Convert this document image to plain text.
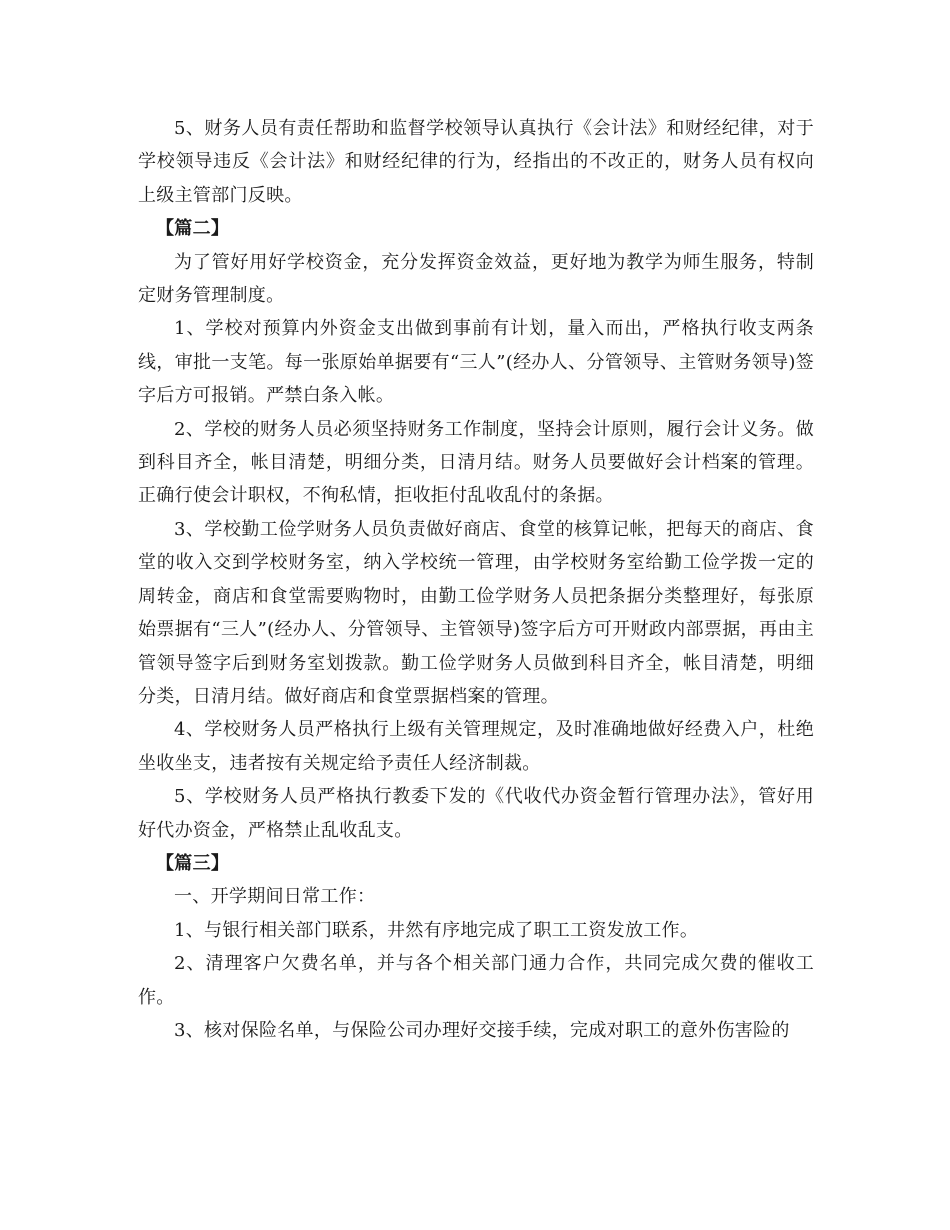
5、财务人员有责任帮助和监督学校领导认真执行《会计法》和财经纪律，对于学校领导违反《会计法》和财经纪律的行为，经指出的不改正的，财务人员有权向上级主管部门反映。

【篇二】

为了管好用好学校资金，充分发挥资金效益，更好地为教学为师生服务，特制定财务管理制度。

1、学校对预算内外资金支出做到事前有计划，量入而出，严格执行收支两条线，审批一支笔。每一张原始单据要有“三人”(经办人、分管领导、主管财务领导)签字后方可报销。严禁白条入帐。

2、学校的财务人员必须坚持财务工作制度，坚持会计原则，履行会计义务。做到科目齐全，帐目清楚，明细分类，日清月结。财务人员要做好会计档案的管理。正确行使会计职权，不徇私情，拒收拒付乱收乱付的条据。

3、学校勤工俭学财务人员负责做好商店、食堂的核算记帐，把每天的商店、食堂的收入交到学校财务室，纳入学校统一管理，由学校财务室给勤工俭学拨一定的周转金，商店和食堂需要购物时，由勤工俭学财务人员把条据分类整理好，每张原始票据有“三人”(经办人、分管领导、主管领导)签字后方可开财政内部票据，再由主管领导签字后到财务室划拨款。勤工俭学财务人员做到科目齐全，帐目清楚，明细分类，日清月结。做好商店和食堂票据档案的管理。

4、学校财务人员严格执行上级有关管理规定，及时准确地做好经费入户，杜绝坐收坐支，违者按有关规定给予责任人经济制裁。

5、学校财务人员严格执行教委下发的《代收代办资金暂行管理办法》，管好用好代办资金，严格禁止乱收乱支。

【篇三】

一、开学期间日常工作：

1、与银行相关部门联系，井然有序地完成了职工工资发放工作。

2、清理客户欠费名单，并与各个相关部门通力合作，共同完成欠费的催收工作。

3、核对保险名单，与保险公司办理好交接手续，完成对职工的意外伤害险的
